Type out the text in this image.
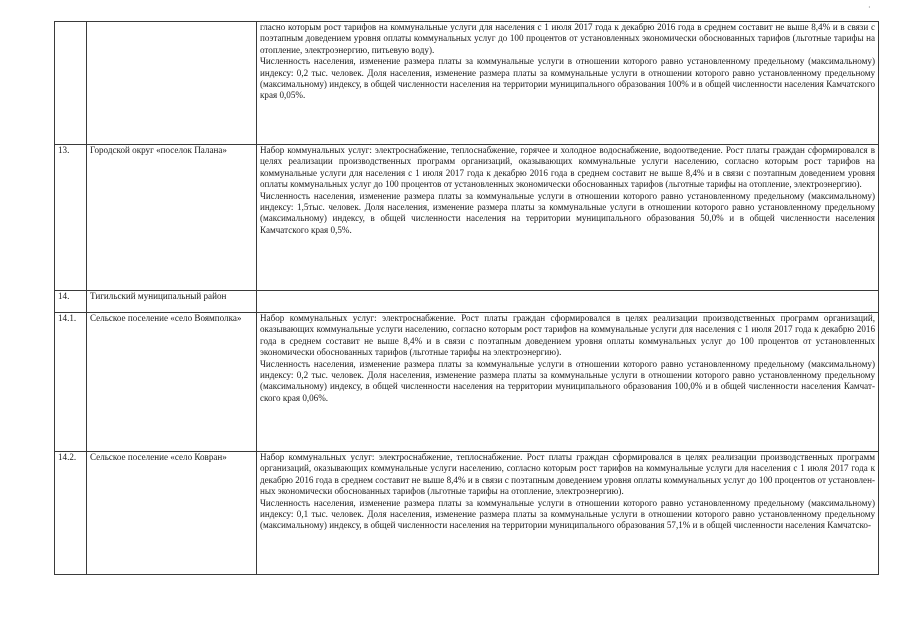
·

		гласно которым рост тарифов на коммунальные услуги для населения с 1 июля 2017 года к декабрю 2016 года в среднем составит не выше 8,4% и в связи с поэтапным доведением уровня оплаты коммунальных услуг до 100 процентов от установленных экономически обоснованных тарифов (льготные тарифы на отопление, электроэнергию, питьевую воду).

Численность населения, изменение размера платы за коммунальные услуги в отношении которого равно установленному предельному (максимальному) индексу: 0,2 тыс. человек. Доля населения, изменение размера платы за коммунальные услуги в отношении которого равно установленному предельному (максимальному) индексу, в общей численности населения на территории муниципального образования 100% и в общей численности населения Камчатского края 0,05%.

13.	Городской округ «поселок Палана»	Набор коммунальных услуг: электроснабжение, теплоснабжение, горячее и холодное водоснабжение, водоотведение. Рост платы граждан сформировался в целях реализации производственных программ организаций, оказывающих коммунальные услуги населению, согласно которым рост тарифов на коммунальные услуги для населения с 1 июля 2017 года к декабрю 2016 года в среднем составит не выше 8,4% и в связи с поэтапным доведением уровня оплаты коммунальных услуг до 100 процентов от установленных экономически обоснованных тарифов (льготные тарифы на отопление, электроэнергию).

Численность населения, изменение размера платы за коммунальные услуги в отношении которого равно установленному предельному (максимальному) индексу: 1,5тыс. человек. Доля населения, изменение размера платы за коммунальные услуги в отношении которого равно установленному предельному (максимальному) индексу, в общей численности населения на территории муниципального образования 50,0% и в общей численности населения Камчатского края 0,5%.

14.	Тигильский муниципальный район	
14.1.	Сельское поселение «село Воямполка»	Набор коммунальных услуг: электроснабжение. Рост платы граждан сформировался в целях реализации производственных программ организаций, оказывающих коммунальные услуги населению, согласно которым рост тарифов на коммунальные услуги для населения с 1 июля 2017 года к декабрю 2016 года в среднем составит не выше 8,4% и в связи с поэтапным доведением уровня оплаты коммунальных услуг до 100 процентов от установленных экономически обоснованных тарифов (льготные тарифы на электроэнергию).

Численность населения, изменение размера платы за коммунальные услуги в отношении которого равно установленному предельному (максимальному) индексу: 0,2 тыс. человек. Доля населения, изменение размера платы за коммунальные услуги в отношении которого равно установленному предельному (максимальному) индексу, в общей численности населения на территории муниципального образования 100,0% и в общей численности населения Камчатского края 0,06%.

14.2.	Сельское поселение «село Ковран»	Набор коммунальных услуг: электроснабжение, теплоснабжение. Рост платы граждан сформировался в целях реализации производственных программ организаций, оказывающих коммунальные услуги населению, согласно которым рост тарифов на коммунальные услуги для населения с 1 июля 2017 года к декабрю 2016 года в среднем составит не выше 8,4% и в связи с поэтапным доведением уровня оплаты коммунальных услуг до 100 процентов от установленных экономически обоснованных тарифов (льготные тарифы на отопление, электроэнергию).

Численность населения, изменение размера платы за коммунальные услуги в отношении которого равно установленному предельному (максимальному) индексу: 0,1 тыс. человек. Доля населения, изменение размера платы за коммунальные услуги в отношении которого равно установленному предельному (максимальному) индексу, в общей численности населения на территории муниципального образования 57,1% и в общей численности населения Камчатско-
